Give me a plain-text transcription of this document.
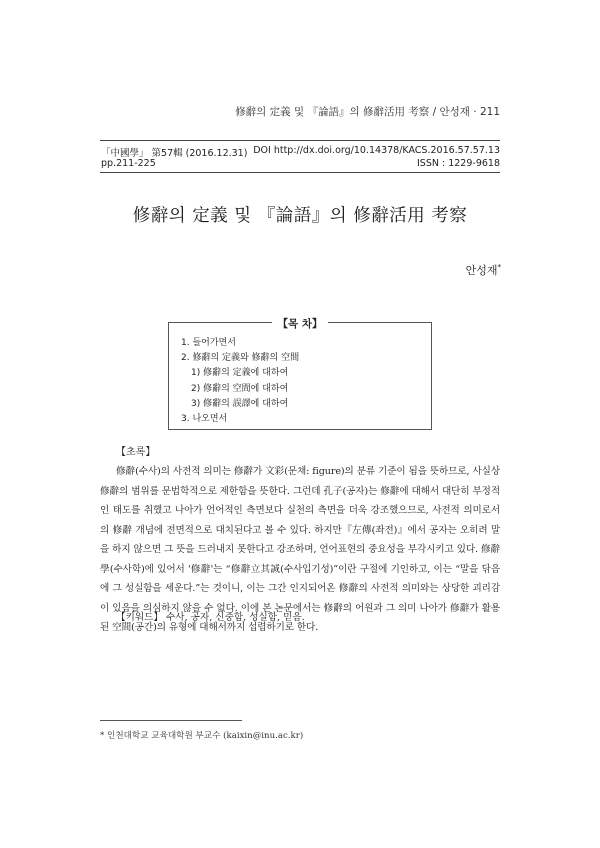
修辭의 定義 및 『論語』의 修辭活用 考察 / 안성재 · 211
「中國學」 第57輯 (2016.12.31)
pp.211-225
DOI http://dx.doi.org/10.14378/KACS.2016.57.57.13
ISSN : 1229-9618
修辭의 定義 및 『論語』의 修辭活用 考察
안성재*
【목 차】
1. 들어가면서
2. 修辭의 定義와 修辭의 空間
1) 修辭의 定義에 대하여
2) 修辭의 空間에 대하여
3) 修辭의 誤譯에 대하여
3. 나오면서
【초록】
修辭(수사)의 사전적 의미는 修辭가 文彩(문채: figure)의 분류 기준이 됨을 뜻하므로, 사실상 修辭의 범위를 문법학적으로 제한함을 뜻한다. 그런데 孔子(공자)는 修辭에 대해서 대단히 부정적인 태도를 취했고 나아가 언어적인 측면보다 실천의 측면을 더욱 강조했으므로, 사전적 의미로서의 修辭 개념에 전면적으로 대치된다고 볼 수 있다. 하지만『左傳(좌전)』에서 공자는 오히려 말을 하지 않으면 그 뜻을 드러내지 못한다고 강조하며, 언어표현의 중요성을 부각시키고 있다. 修辭學(수사학)에 있어서 '修辭'는 “修辭立其誠(수사입기성)”이란 구절에 기인하고, 이는 “말을 닦음에 그 성실함을 세운다.”는 것이니, 이는 그간 인지되어온 修辭의 사전적 의미와는 상당한 괴리감이 있음을 의심하지 않을 수 없다. 이에 본 논문에서는 修辭의 어원과 그 의미 나아가 修辭가 활용된 空間(공간)의 유형에 대해서까지 섭렵하기로 한다.
【키워드】 수사, 공자, 신중함, 성실함, 믿음.
* 인천대학교 교육대학원 부교수 (kaixin@inu.ac.kr)
